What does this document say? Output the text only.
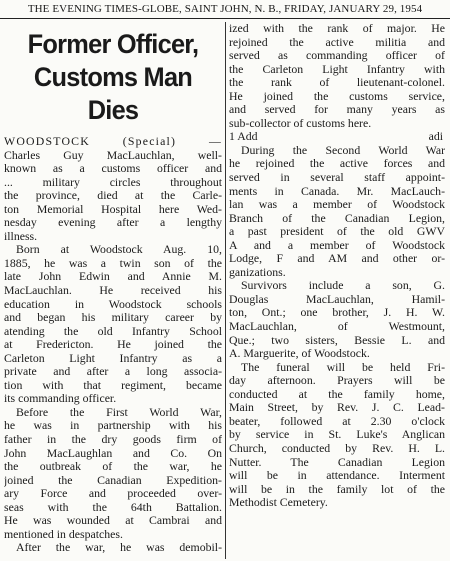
THE EVENING TIMES-GLOBE, SAINT JOHN, N. B., FRIDAY, JANUARY 29, 1954
Former Officer,
Customs Man Dies
WOODSTOCK (Special) —
Charles Guy MacLauchlan, well-
known as a customs officer and
... military circles throughout
the province, died at the Carle-
ton Memorial Hospital here Wed-
nesday evening after a lengthy
illness.
Born at Woodstock Aug. 10,
1885, he was a twin son of the
late John Edwin and Annie M.
MacLauchlan. He received his
education in Woodstock schools
and began his military career by
atending the old Infantry School
at Fredericton. He joined the
Carleton Light Infantry as a
private and after a long associa-
tion with that regiment, became
its commanding officer.
Before the First World War,
he was in partnership with his
father in the dry goods firm of
John MacLaughlan and Co. On
the outbreak of the war, he
joined the Canadian Expedition-
ary Force and proceeded over-
seas with the 64th Battalion.
He was wounded at Cambrai and
mentioned in despatches.
After the war, he was demobil-
ized with the rank of major. He
rejoined the active militia and
served as commanding officer of
the Carleton Light Infantry with
the rank of lieutenant-colonel.
He joined the customs service,
and served for many years as
sub-collector of customs here.
1 Add	adi
During the Second World War
he rejoined the active forces and
served in several staff appoint-
ments in Canada. Mr. MacLauch-
lan was a member of Woodstock
Branch of the Canadian Legion,
a past president of the old GWV
A and a member of Woodstock
Lodge, F and AM and other or-
ganizations.
Survivors include a son, G.
Douglas MacLauchlan, Hamil-
ton, Ont.; one brother, J. H. W.
MacLauchlan, of Westmount,
Que.; two sisters, Bessie L. and
A. Marguerite, of Woodstock.
The funeral will be held Fri-
day afternoon. Prayers will be
conducted at the family home,
Main Street, by Rev. J. C. Lead-
beater, followed at 2.30 o'clock
by service in St. Luke's Anglican
Church, conducted by Rev. H. L.
Nutter. The Canadian Legion
will be in attendance. Interment
will be in the family lot of the
Methodist Cemetery.
